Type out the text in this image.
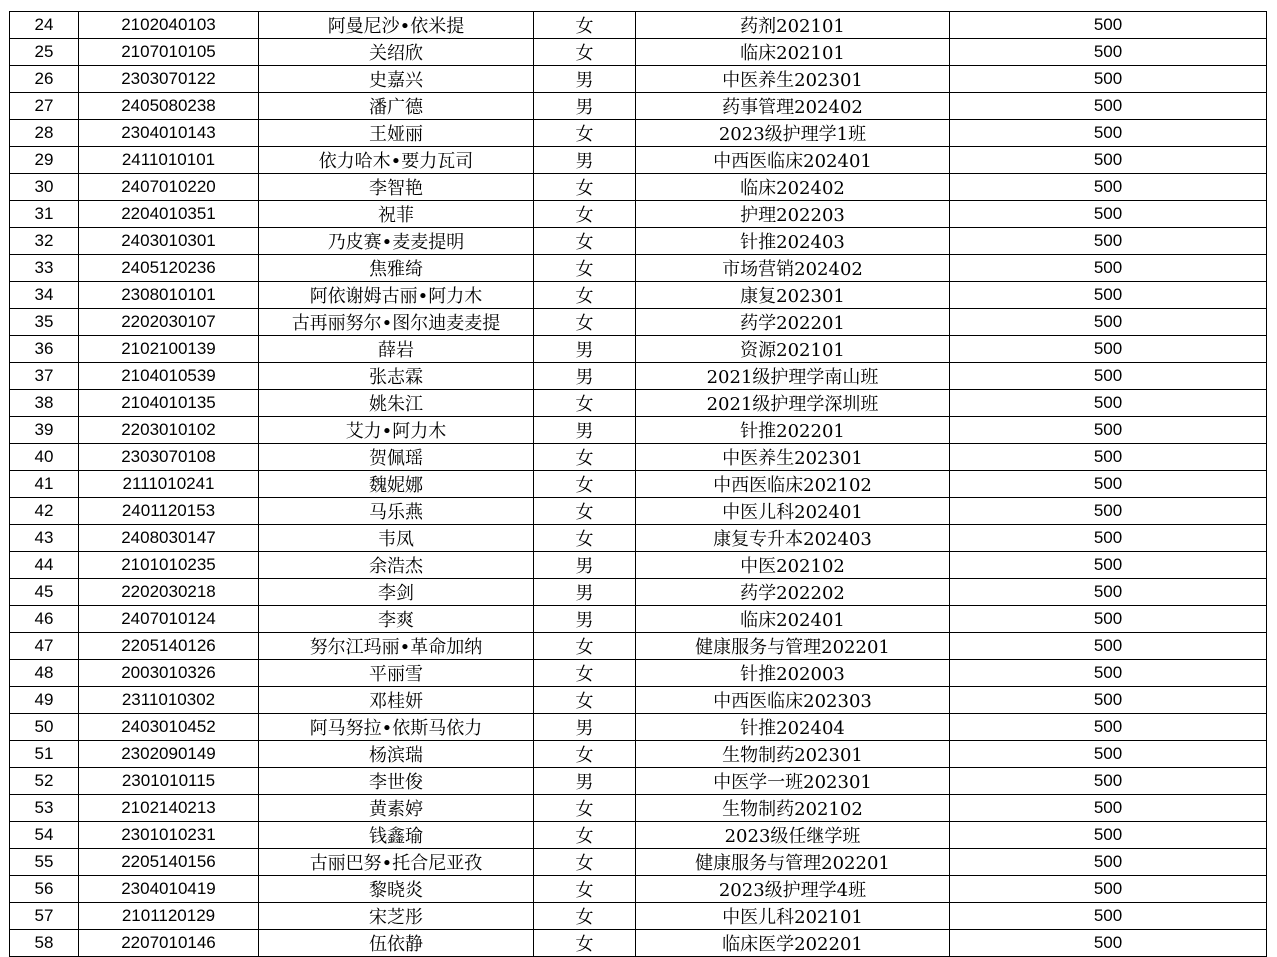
24	2102040103	阿曼尼沙•依米提	女	药剂202101	500
25	2107010105	关绍欣	女	临床202101	500
26	2303070122	史嘉兴	男	中医养生202301	500
27	2405080238	潘广德	男	药事管理202402	500
28	2304010143	王娅丽	女	2023级护理学1班	500
29	2411010101	依力哈木•要力瓦司	男	中西医临床202401	500
30	2407010220	李智艳	女	临床202402	500
31	2204010351	祝菲	女	护理202203	500
32	2403010301	乃皮赛•麦麦提明	女	针推202403	500
33	2405120236	焦雅绮	女	市场营销202402	500
34	2308010101	阿依谢姆古丽•阿力木	女	康复202301	500
35	2202030107	古再丽努尔•图尔迪麦麦提	女	药学202201	500
36	2102100139	薛岩	男	资源202101	500
37	2104010539	张志霖	男	2021级护理学南山班	500
38	2104010135	姚朱江	女	2021级护理学深圳班	500
39	2203010102	艾力•阿力木	男	针推202201	500
40	2303070108	贺佩瑶	女	中医养生202301	500
41	2111010241	魏妮娜	女	中西医临床202102	500
42	2401120153	马乐燕	女	中医儿科202401	500
43	2408030147	韦凤	女	康复专升本202403	500
44	2101010235	余浩杰	男	中医202102	500
45	2202030218	李剑	男	药学202202	500
46	2407010124	李爽	男	临床202401	500
47	2205140126	努尔江玛丽•革命加纳	女	健康服务与管理202201	500
48	2003010326	平丽雪	女	针推202003	500
49	2311010302	邓桂妍	女	中西医临床202303	500
50	2403010452	阿马努拉•依斯马依力	男	针推202404	500
51	2302090149	杨滨瑞	女	生物制药202301	500
52	2301010115	李世俊	男	中医学一班202301	500
53	2102140213	黄素婷	女	生物制药202102	500
54	2301010231	钱鑫瑜	女	2023级任继学班	500
55	2205140156	古丽巴努•托合尼亚孜	女	健康服务与管理202201	500
56	2304010419	黎晓炎	女	2023级护理学4班	500
57	2101120129	宋芝彤	女	中医儿科202101	500
58	2207010146	伍依静	女	临床医学202201	500
